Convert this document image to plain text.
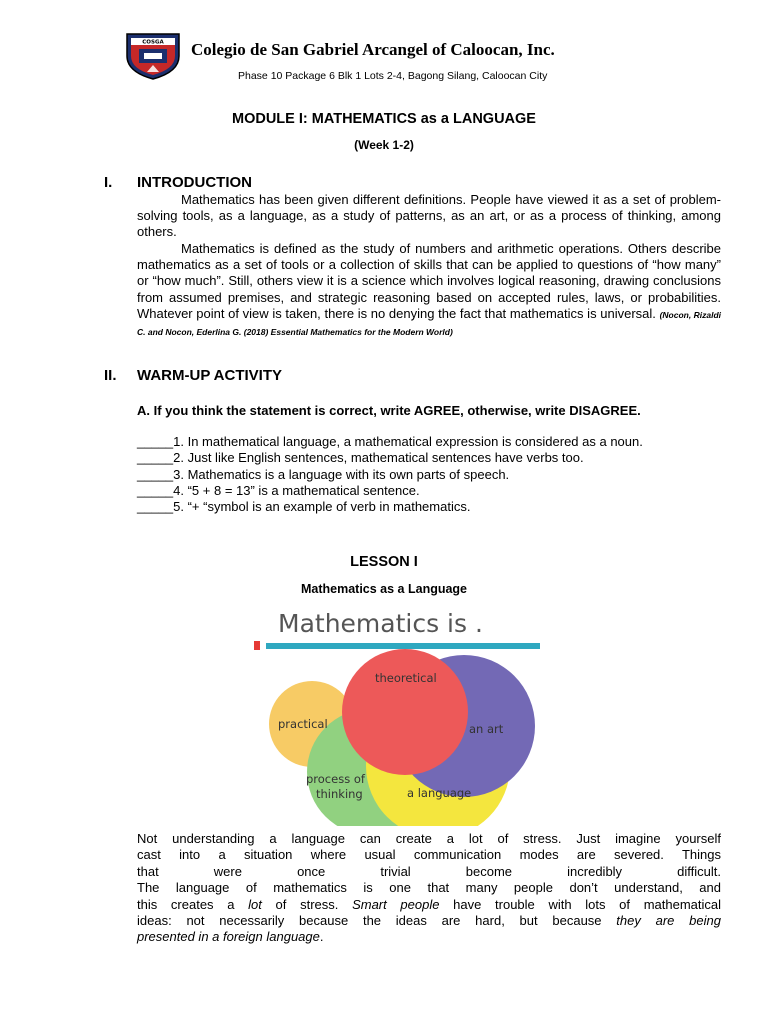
COSGA Colegio de San Gabriel Arcangel of Caloocan, Inc.
Phase 10 Package 6 Blk 1 Lots 2-4, Bagong Silang, Caloocan City
MODULE I: MATHEMATICS as a LANGUAGE
(Week 1-2)
I. INTRODUCTION
Mathematics has been given different definitions. People have viewed it as a set of problem-solving tools, as a language, as a study of patterns, as an art, or as a process of thinking, among others.
Mathematics is defined as the study of numbers and arithmetic operations. Others describe mathematics as a set of tools or a collection of skills that can be applied to questions of “how many” or “how much”. Still, others view it is a science which involves logical reasoning, drawing conclusions from assumed premises, and strategic reasoning based on accepted rules, laws, or probabilities. Whatever point of view is taken, there is no denying the fact that mathematics is universal. (Nocon, Rizaldi C. and Nocon, Ederlina G. (2018) Essential Mathematics for the Modern World)
II. WARM-UP ACTIVITY
A. If you think the statement is correct, write AGREE, otherwise, write DISAGREE.
_____1. In mathematical language, a mathematical expression is considered as a noun.
_____2. Just like English sentences, mathematical sentences have verbs too.
_____3. Mathematics is a language with its own parts of speech.
_____4. “5 + 8 = 13” is a mathematical sentence.
_____5. “+ “symbol is an example of verb in mathematics.
LESSON I
Mathematics as a Language
Mathematics is .
theoretical
an art
a language
process of
thinking
practical
Not understanding a language can create a lot of stress. Just imagine yourself
cast into a situation where usual communication modes are severed. Things
that were once trivial become incredibly difficult.
The language of mathematics is one that many people don’t understand, and
this creates a lot of stress. Smart people have trouble with lots of mathematical
ideas: not necessarily because the ideas are hard, but because they are being
presented in a foreign language.
